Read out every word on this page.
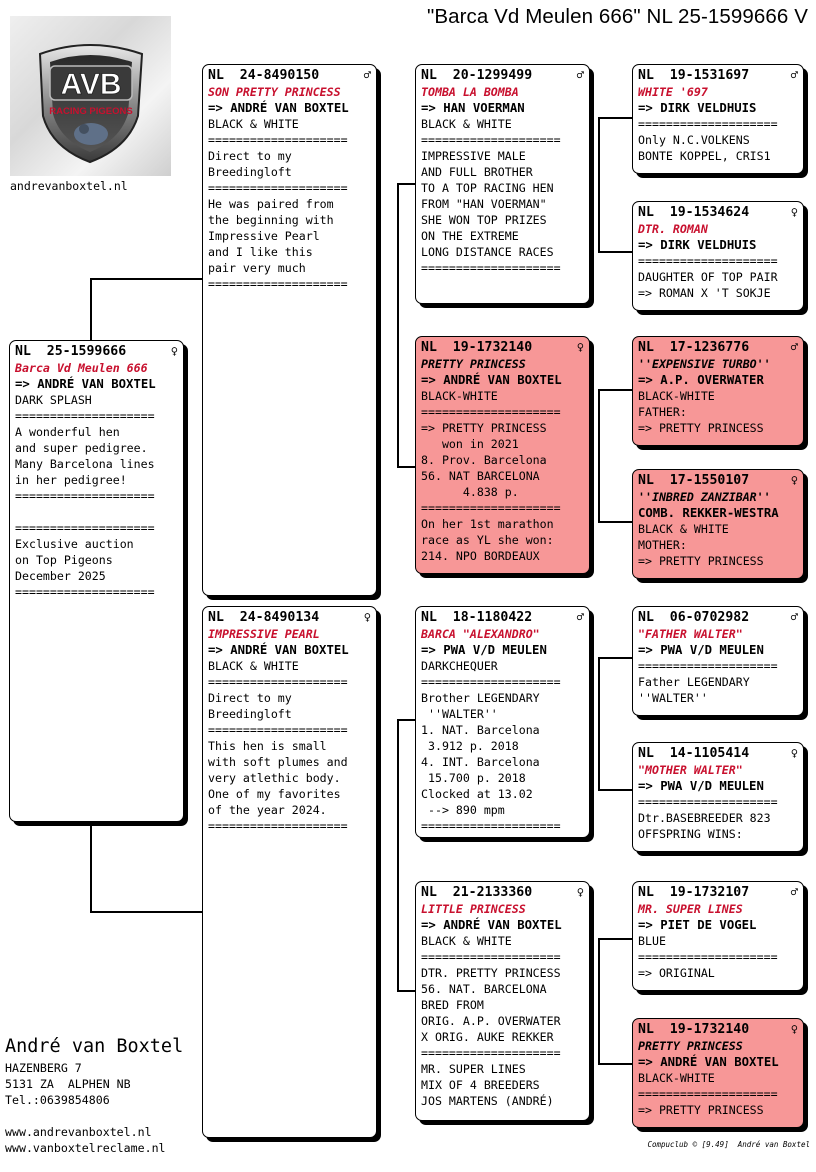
"Barca Vd Meulen 666" NL 25-1599666 V
AVB
RACING PIGEONS
andrevanboxtel.nl
NL  25-1599666	♀
Barca Vd Meulen 666
=> ANDRÉ VAN BOXTEL
DARK SPLASH
====================
A wonderful hen
and super pedigree.
Many Barcelona lines
in her pedigree!
====================
====================
Exclusive auction
on Top Pigeons
December 2025
====================
NL  24-8490150	♂
SON PRETTY PRINCESS
=> ANDRÉ VAN BOXTEL
BLACK & WHITE
====================
Direct to my
Breedingloft
====================
He was paired from
the beginning with
Impressive Pearl
and I like this
pair very much
====================
NL  24-8490134	♀
IMPRESSIVE PEARL
=> ANDRÉ VAN BOXTEL
BLACK & WHITE
====================
Direct to my
Breedingloft
====================
This hen is small
with soft plumes and
very atlethic body.
One of my favorites
of the year 2024.
====================
NL  20-1299499	♂
TOMBA LA BOMBA
=> HAN VOERMAN
BLACK & WHITE
====================
IMPRESSIVE MALE
AND FULL BROTHER
TO A TOP RACING HEN
FROM "HAN VOERMAN"
SHE WON TOP PRIZES
ON THE EXTREME
LONG DISTANCE RACES
====================
NL  19-1732140	♀
PRETTY PRINCESS
=> ANDRÉ VAN BOXTEL
BLACK-WHITE
====================
=> PRETTY PRINCESS
won in 2021
8. Prov. Barcelona
56. NAT BARCELONA
4.838 p.
====================
On her 1st marathon
race as YL she won:
214. NPO BORDEAUX
NL  18-1180422	♂
BARCA "ALEXANDRO"
=> PWA V/D MEULEN
DARKCHEQUER
====================
Brother LEGENDARY
''WALTER''
1. NAT. Barcelona
3.912 p. 2018
4. INT. Barcelona
15.700 p. 2018
Clocked at 13.02
--> 890 mpm
====================
NL  21-2133360	♀
LITTLE PRINCESS
=> ANDRÉ VAN BOXTEL
BLACK & WHITE
====================
DTR. PRETTY PRINCESS
56. NAT. BARCELONA
BRED FROM
ORIG. A.P. OVERWATER
X ORIG. AUKE REKKER
====================
MR. SUPER LINES
MIX OF 4 BREEDERS
JOS MARTENS (ANDRÉ)
NL  19-1531697	♂
WHITE '697
=> DIRK VELDHUIS
====================
Only N.C.VOLKENS
BONTE KOPPEL, CRIS1
NL  19-1534624	♀
DTR. ROMAN
=> DIRK VELDHUIS
====================
DAUGHTER OF TOP PAIR
=> ROMAN X 'T SOKJE
NL  17-1236776	♂
''EXPENSIVE TURBO''
=> A.P. OVERWATER
BLACK-WHITE
FATHER:
=> PRETTY PRINCESS
NL  17-1550107	♀
''INBRED ZANZIBAR''
COMB. REKKER-WESTRA
BLACK & WHITE
MOTHER:
=> PRETTY PRINCESS
NL  06-0702982	♂
"FATHER WALTER"
=> PWA V/D MEULEN
====================
Father LEGENDARY
''WALTER''
NL  14-1105414	♀
"MOTHER WALTER"
=> PWA V/D MEULEN
====================
Dtr.BASEBREEDER 823
OFFSPRING WINS:
NL  19-1732107	♂
MR. SUPER LINES
=> PIET DE VOGEL
BLUE
====================
=> ORIGINAL
NL  19-1732140	♀
PRETTY PRINCESS
=> ANDRÉ VAN BOXTEL
BLACK-WHITE
====================
=> PRETTY PRINCESS
André van Boxtel
HAZENBERG 7
5131 ZA  ALPHEN NB
Tel.:0639854806
www.andrevanboxtel.nl
www.vanboxtelreclame.nl	Compuclub © [9.49]  André van Boxtel
